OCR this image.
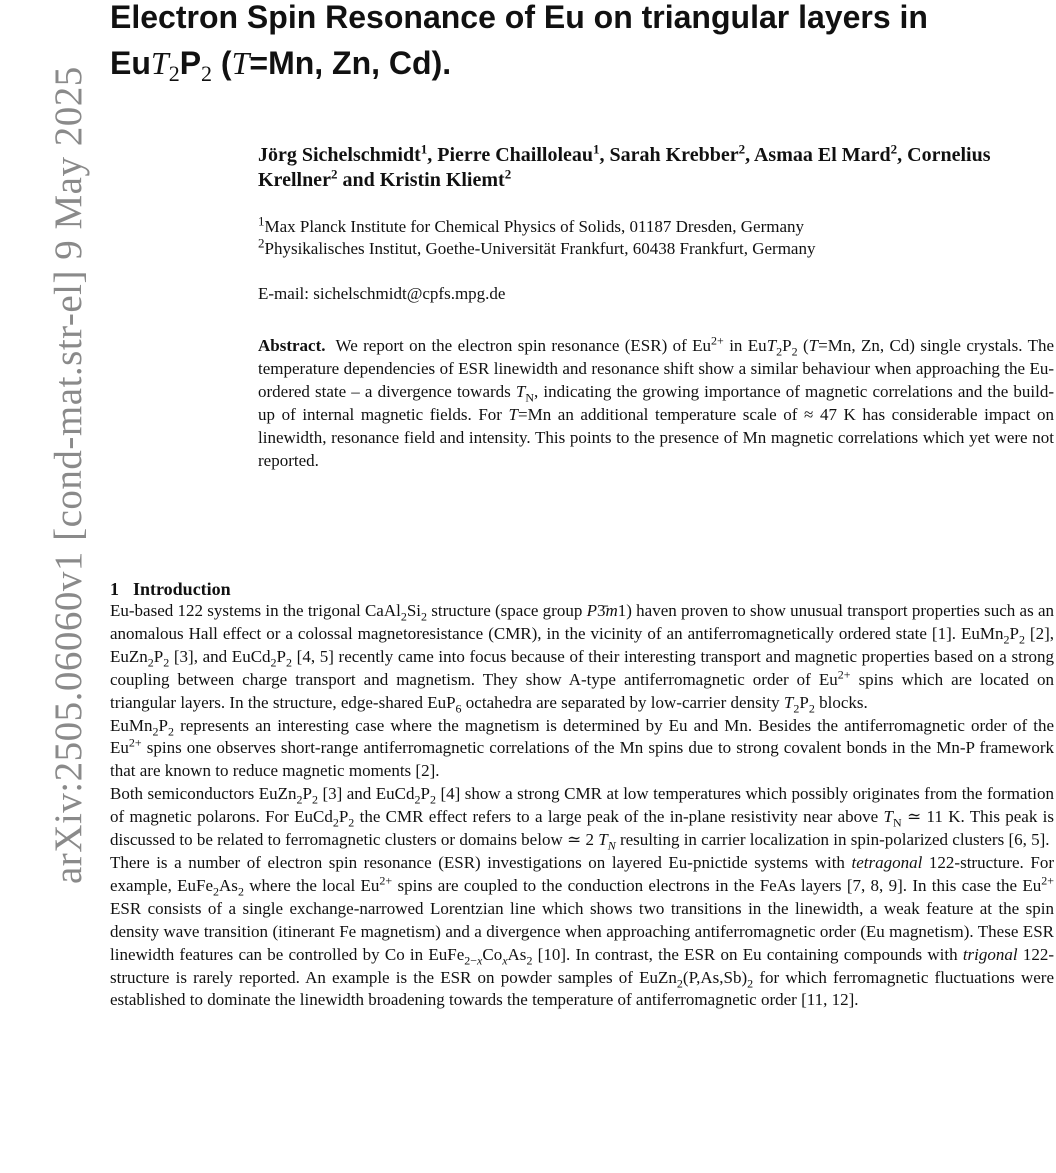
arXiv:2505.06060v1 [cond-mat.str-el] 9 May 2025
Electron Spin Resonance of Eu on triangular layers in
$EuT_2P_2$ (T=Mn, Zn, Cd).

Jörg Sichelschmidt$^1$, Pierre Chailloleau$^1$, Sarah Krebber$^2$, Asmaa El Mard$^2$, Cornelius Krellner$^2$ and Kristin Kliemt$^2$

$^1$Max Planck Institute for Chemical Physics of Solids, 01187 Dresden, Germany
$^2$Physikalisches Institut, Goethe-Universität Frankfurt, 60438 Frankfurt, Germany
E-mail: sichelschmidt@cpfs.mpg.de

Abstract. We report on the electron spin resonance (ESR) of $Eu^{2+}$ in $EuT_2P_2$ (T=Mn, Zn, Cd) single crystals. The temperature dependencies of ESR linewidth and resonance shift show a similar behaviour when approaching the Eu-ordered state – a divergence towards $T_N$, indicating the growing importance of magnetic correlations and the build-up of internal magnetic fields. For T=Mn an additional temperature scale of ≈ 47 K has considerable impact on linewidth, resonance field and intensity. This points to the presence of Mn magnetic correlations which yet were not reported.

1 Introduction

Eu-based 122 systems in the trigonal $CaAl_2Si_2$ structure (space group P3̄m1) haven proven to show unusual transport properties such as an anomalous Hall effect or a colossal magnetoresistance (CMR), in the vicinity of an antiferromagnetically ordered state [1]. $EuMn_2P_2$ [2], $EuZn_2P_2$ [3], and $EuCd_2P_2$ [4, 5] recently came into focus because of their interesting transport and magnetic properties based on a strong coupling between charge transport and magnetism. They show A-type antiferromagnetic order of $Eu^{2+}$ spins which are located on triangular layers. In the structure, edge-shared EuP$_6$ octahedra are separated by low-carrier density $T_2P_2$ blocks.

$EuMn_2P_2$ represents an interesting case where the magnetism is determined by Eu and Mn. Besides the antiferromagnetic order of the $Eu^{2+}$ spins one observes short-range antiferromagnetic correlations of the Mn spins due to strong covalent bonds in the Mn-P framework that are known to reduce magnetic moments [2].

Both semiconductors $EuZn_2P_2$ [3] and $EuCd_2P_2$ [4] show a strong CMR at low temperatures which possibly originates from the formation of magnetic polarons. For $EuCd_2P_2$ the CMR effect refers to a large peak of the in-plane resistivity near above $T_N$ ≃ 11 K. This peak is discussed to be related to ferromagnetic clusters or domains below ≃ 2 $T_N$ resulting in carrier localization in spin-polarized clusters [6, 5].

There is a number of electron spin resonance (ESR) investigations on layered Eu-pnictide systems with tetragonal 122-structure. For example, $EuFe_2As_2$ where the local $Eu^{2+}$ spins are coupled to the conduction electrons in the FeAs layers [7, 8, 9]. In this case the $Eu^{2+}$ ESR consists of a single exchange-narrowed Lorentzian line which shows two transitions in the linewidth, a weak feature at the spin density wave transition (itinerant Fe magnetism) and a divergence when approaching antiferromagnetic order (Eu magnetism). These ESR linewidth features can be controlled by Co in $EuFe_{2-x}Co_xAs_2$ [10]. In contrast, the ESR on Eu containing compounds with trigonal 122-structure is rarely reported. An example is the ESR on powder samples of $EuZn_2(P,As,Sb)_2$ for which ferromagnetic fluctuations were established to dominate the linewidth broadening towards the temperature of antiferromagnetic order [11, 12].
